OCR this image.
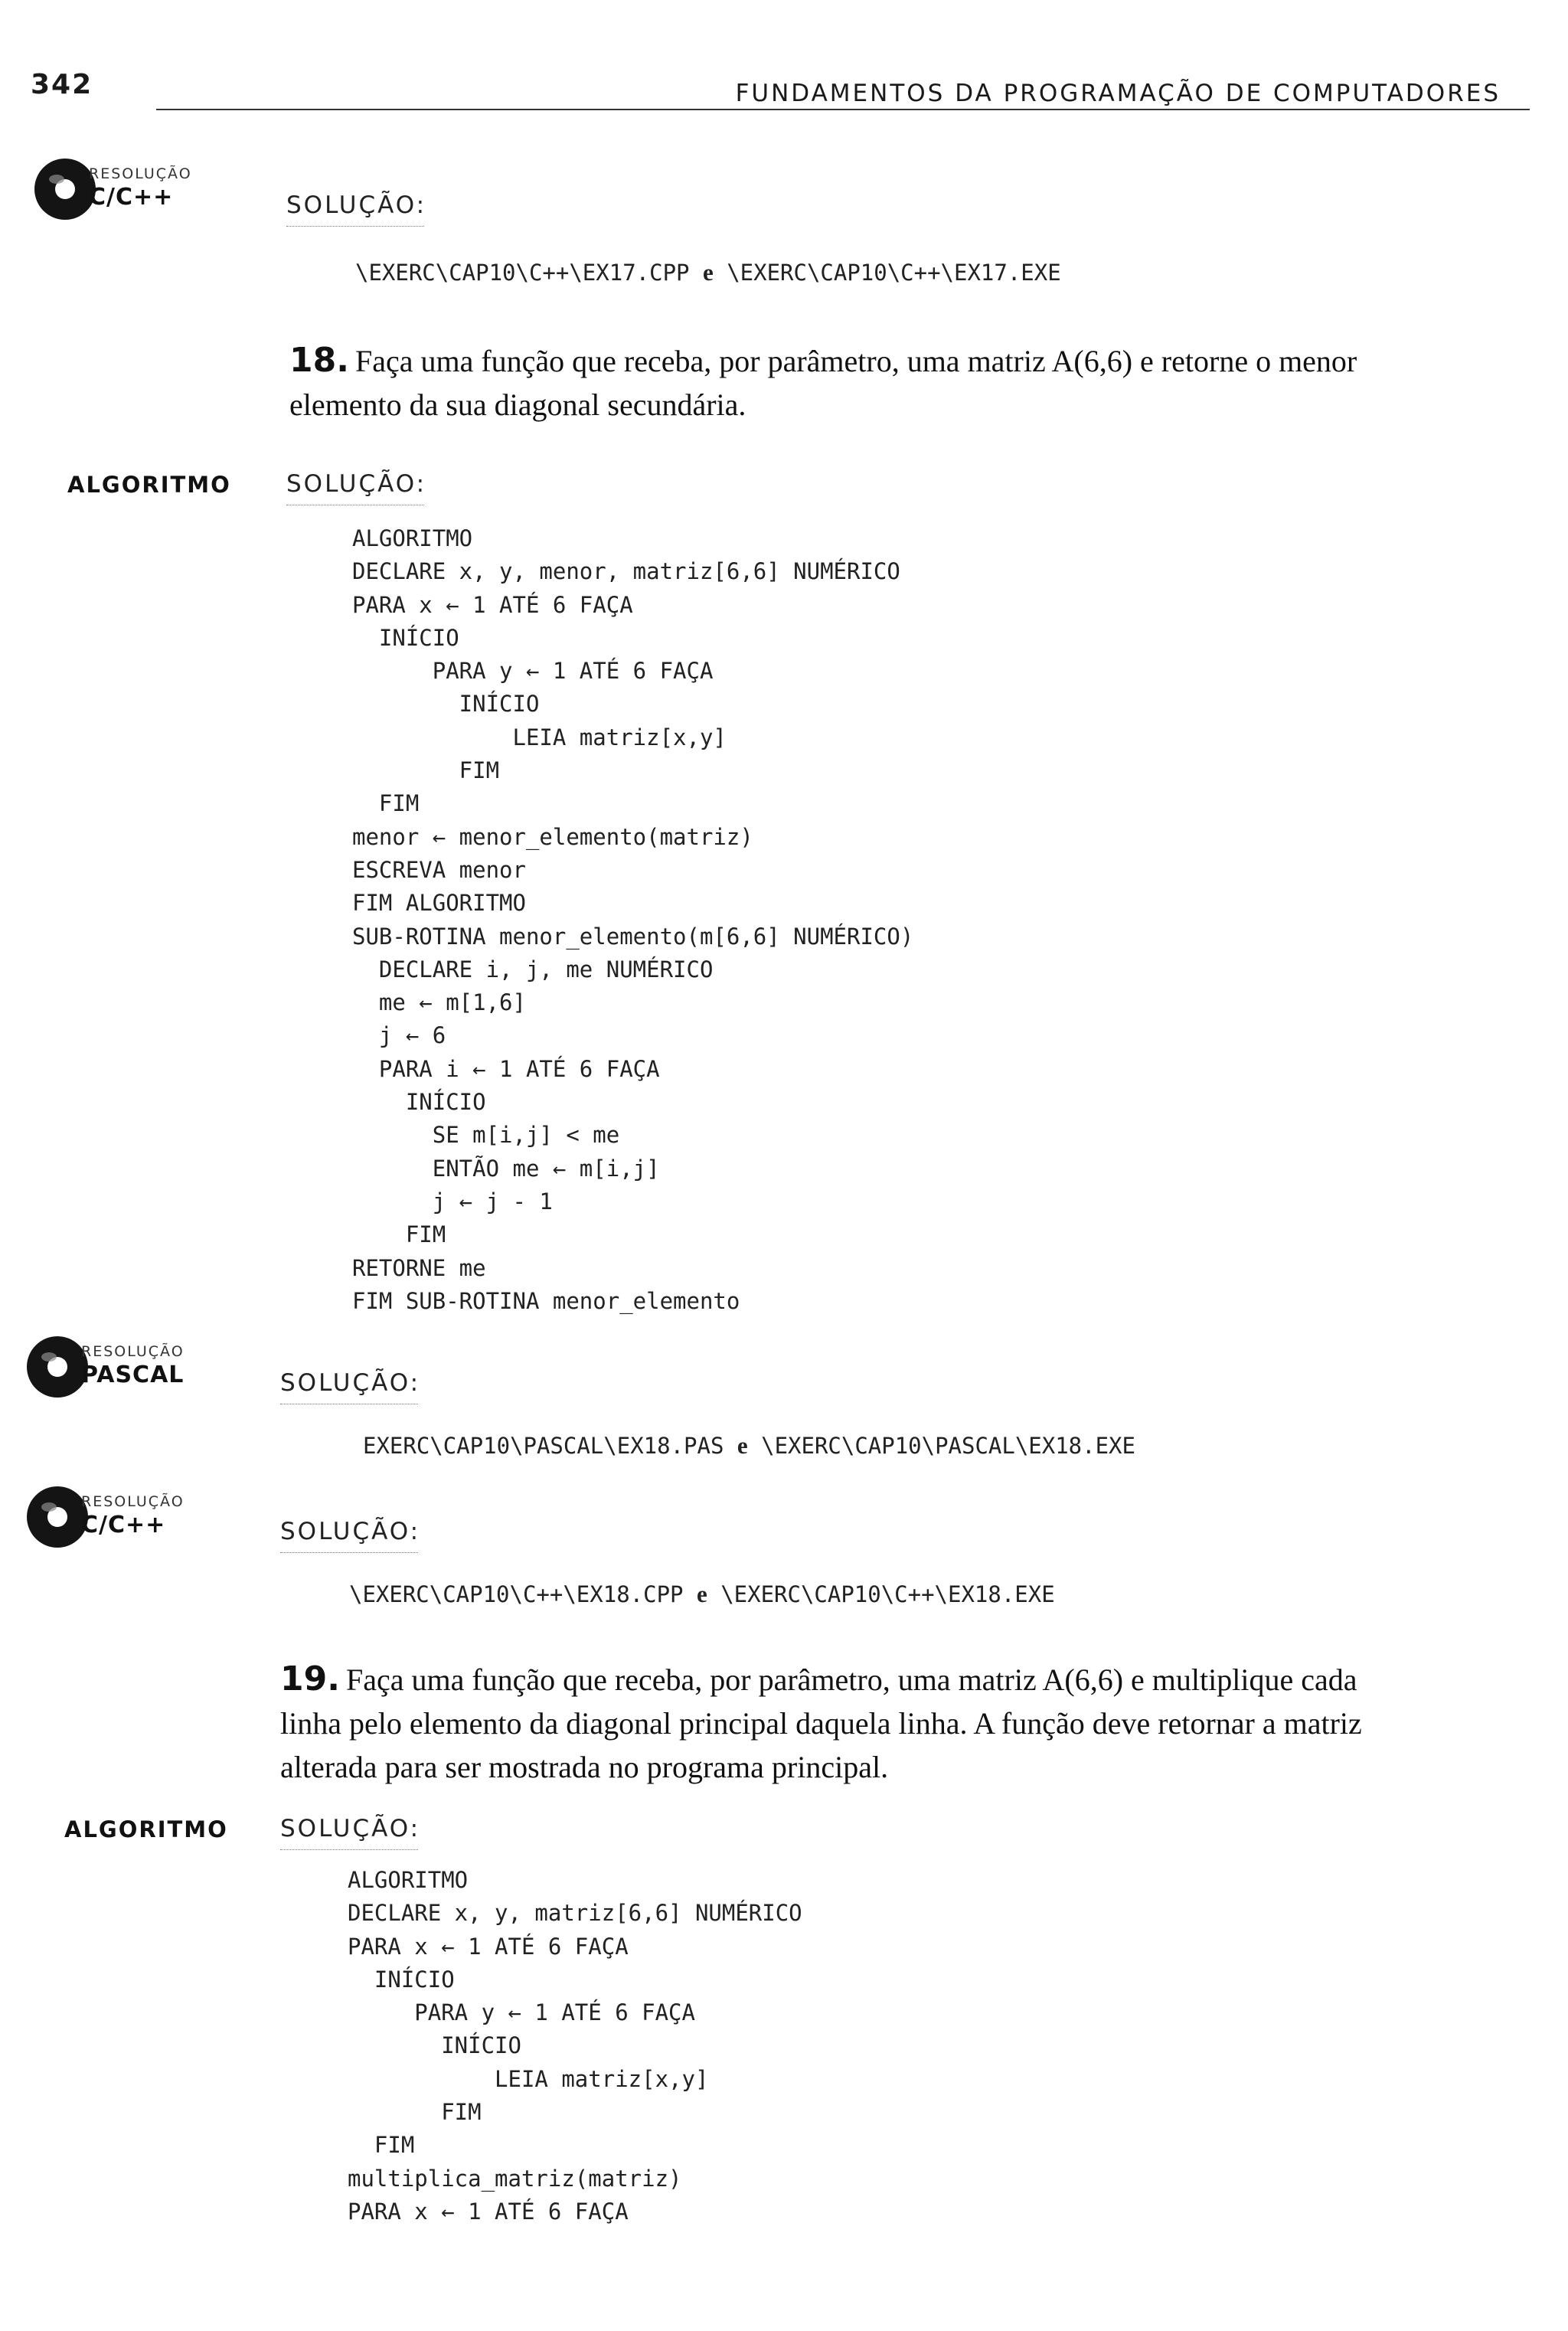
342	FUNDAMENTOS DA PROGRAMAÇÃO DE COMPUTADORES
RESOLUÇÃO
C/C++	SOLUÇÃO:
\EXERC\CAP10\C++\EX17.CPP e \EXERC\CAP10\C++\EX17.EXE
18. Faça uma função que receba, por parâmetro, uma matriz A(6,6) e retorne o menor
elemento da sua diagonal secundária.
ALGORITMO SOLUÇÃO:
ALGORITMO
DECLARE x, y, menor, matriz[6,6] NUMÉRICO
PARA x ← 1 ATÉ 6 FAÇA
INÍCIO
PARA y ← 1 ATÉ 6 FAÇA
INÍCIO
LEIA matriz[x,y]
FIM
FIM
menor ← menor_elemento(matriz)
ESCREVA menor
FIM ALGORITMO
SUB-ROTINA menor_elemento(m[6,6] NUMÉRICO)
DECLARE i, j, me NUMÉRICO
me ← m[1,6]
j ← 6
PARA i ← 1 ATÉ 6 FAÇA
INÍCIO
SE m[i,j] < me
ENTÃO me ← m[i,j]
j ← j - 1
FIM
RETORNE me
FIM SUB-ROTINA menor_elemento
RESOLUÇÃO
PASCAL	SOLUÇÃO:
EXERC\CAP10\PASCAL\EX18.PAS e \EXERC\CAP10\PASCAL\EX18.EXE
RESOLUÇÃO
C/C++	SOLUÇÃO:
\EXERC\CAP10\C++\EX18.CPP e \EXERC\CAP10\C++\EX18.EXE
19. Faça uma função que receba, por parâmetro, uma matriz A(6,6) e multiplique cada
linha pelo elemento da diagonal principal daquela linha. A função deve retornar a matriz
alterada para ser mostrada no programa principal.
ALGORITMO SOLUÇÃO:
ALGORITMO
DECLARE x, y, matriz[6,6] NUMÉRICO
PARA x ← 1 ATÉ 6 FAÇA
INÍCIO
PARA y ← 1 ATÉ 6 FAÇA
INÍCIO
LEIA matriz[x,y]
FIM
FIM
multiplica_matriz(matriz)
PARA x ← 1 ATÉ 6 FAÇA
